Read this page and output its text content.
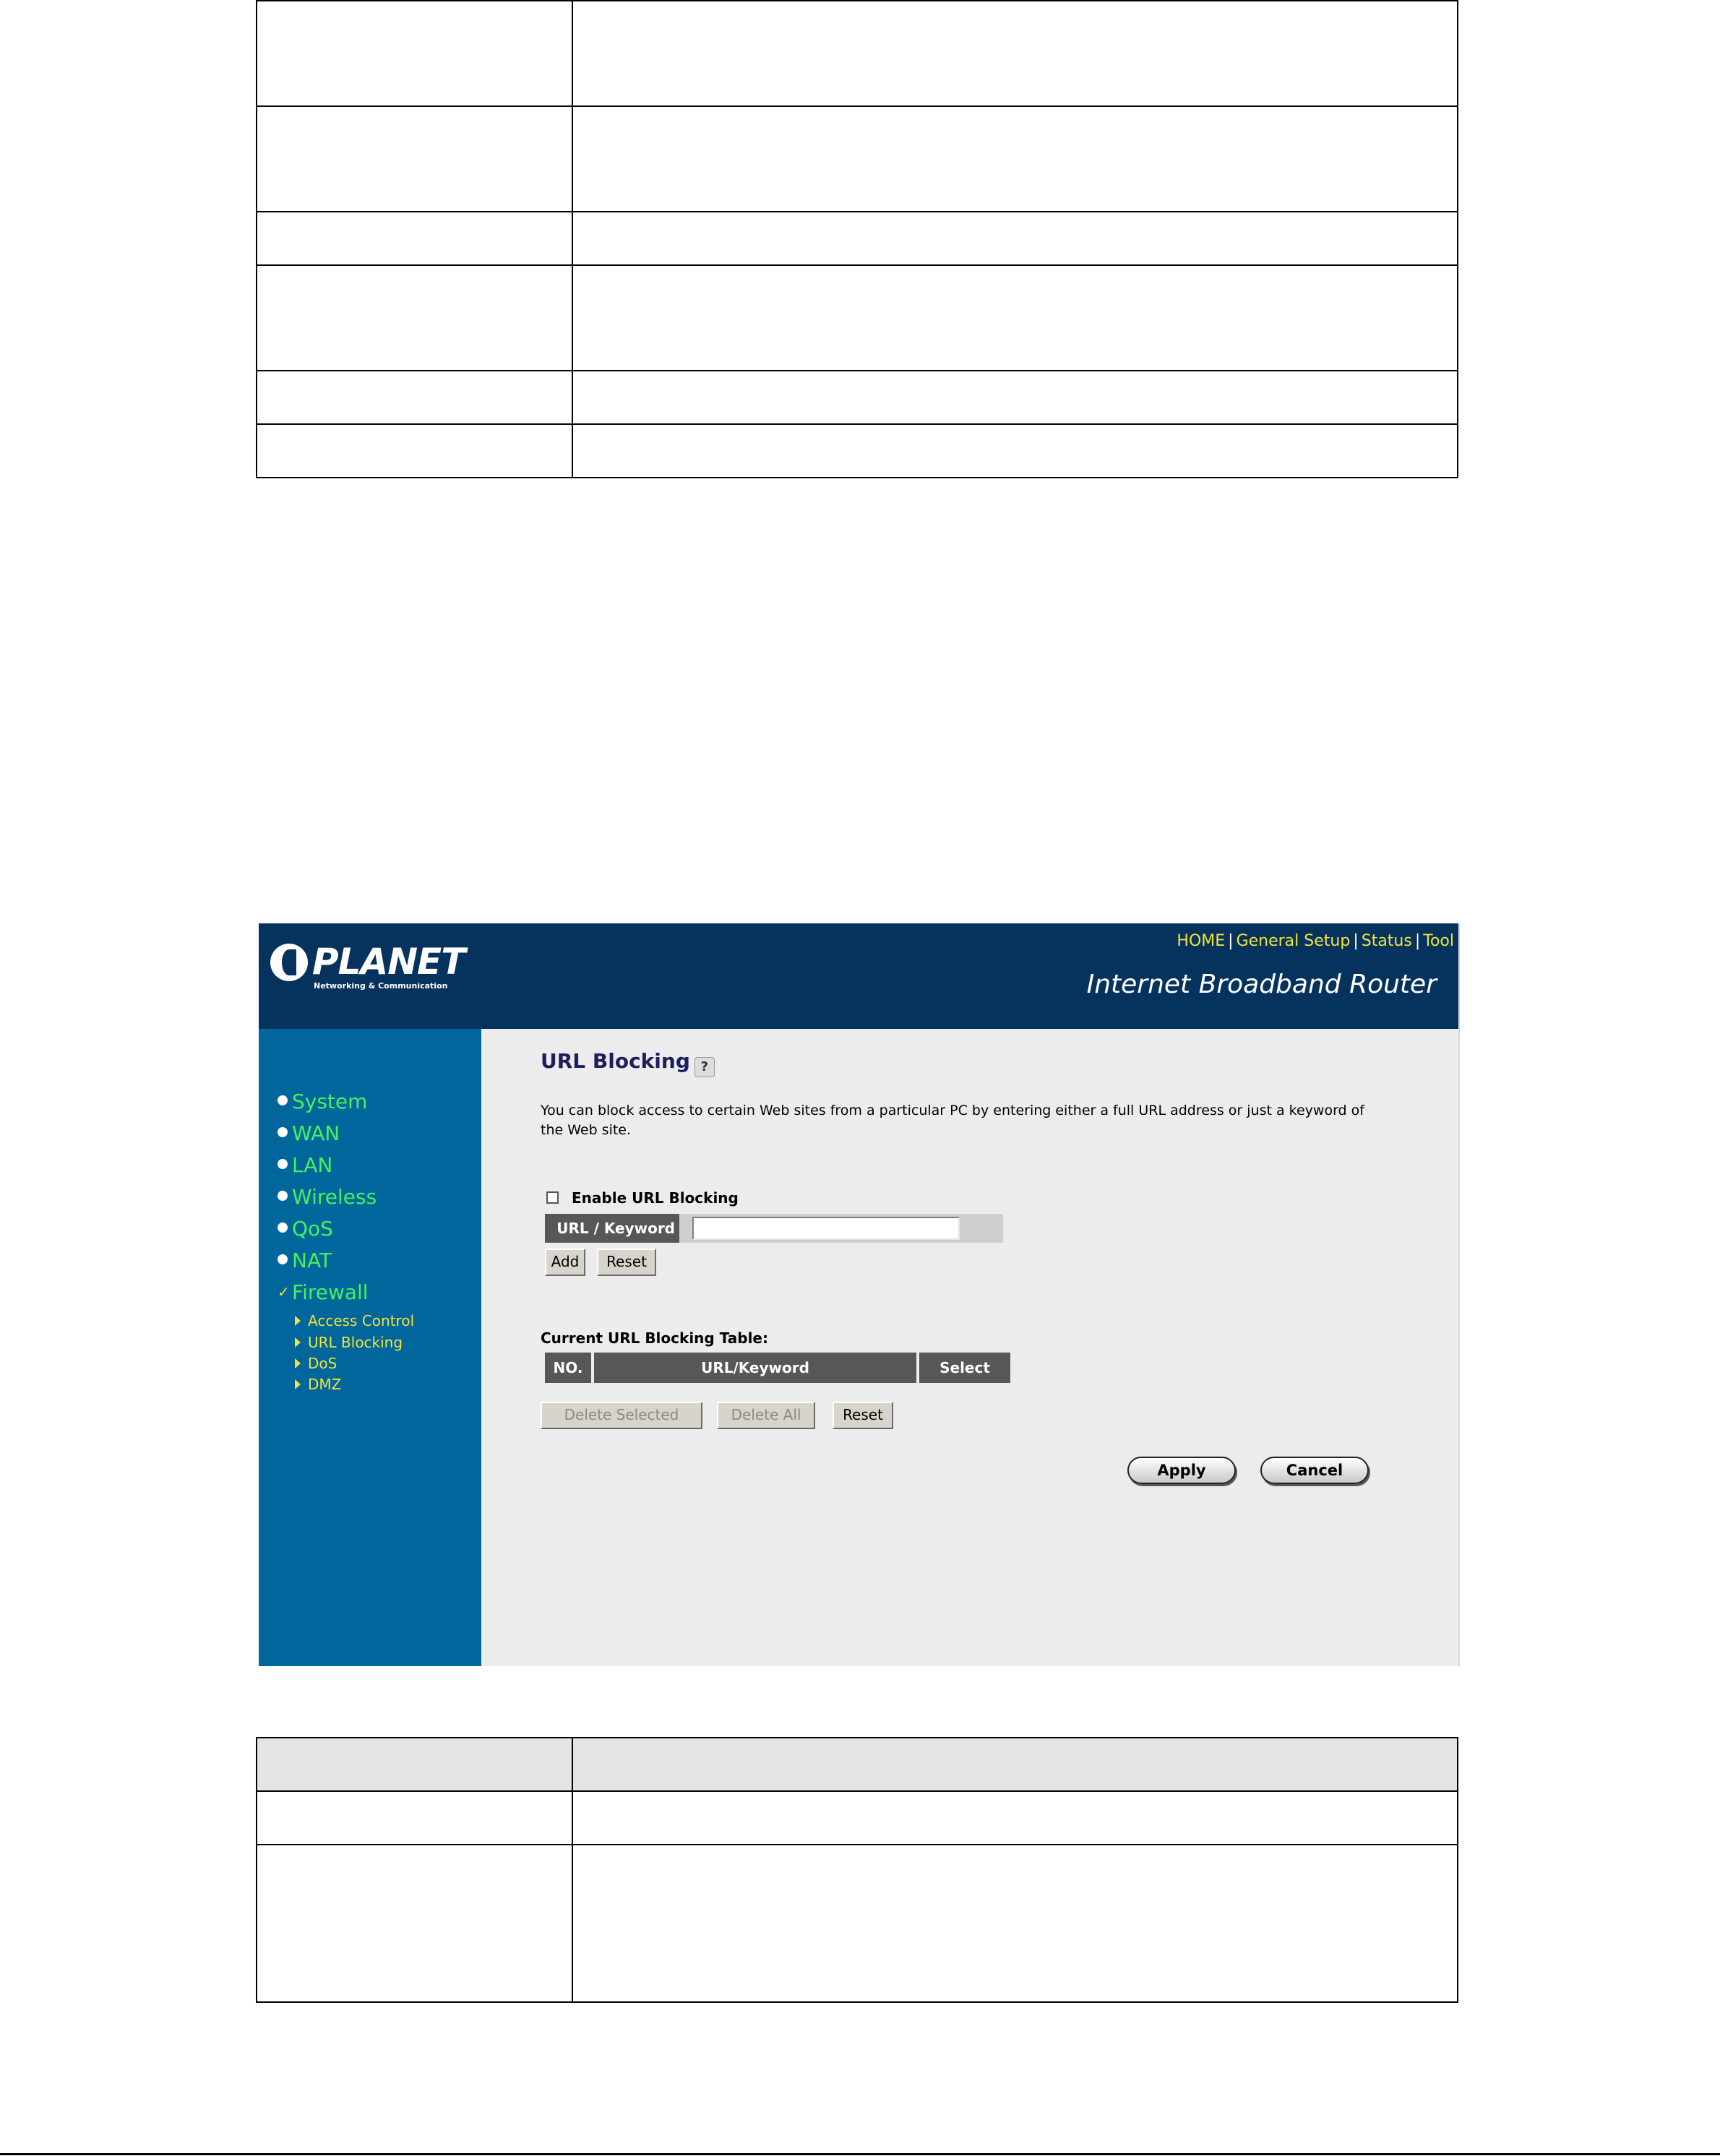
PLANET
Networking & Communication
HOME | General Setup | Status | Tool
Internet Broadband Router
System
WAN
LAN
Wireless
QoS
NAT
✓ Firewall
Access Control
URL Blocking
DoS
DMZ
URL Blocking ?
You can block access to certain Web sites from a particular PC by entering either a full URL address or just a keyword of the Web site.
Enable URL Blocking
URL / Keyword
Add	Reset
Current URL Blocking Table:
NO.	URL/Keyword	Select
Delete Selected	Delete All	Reset
Apply	Cancel
